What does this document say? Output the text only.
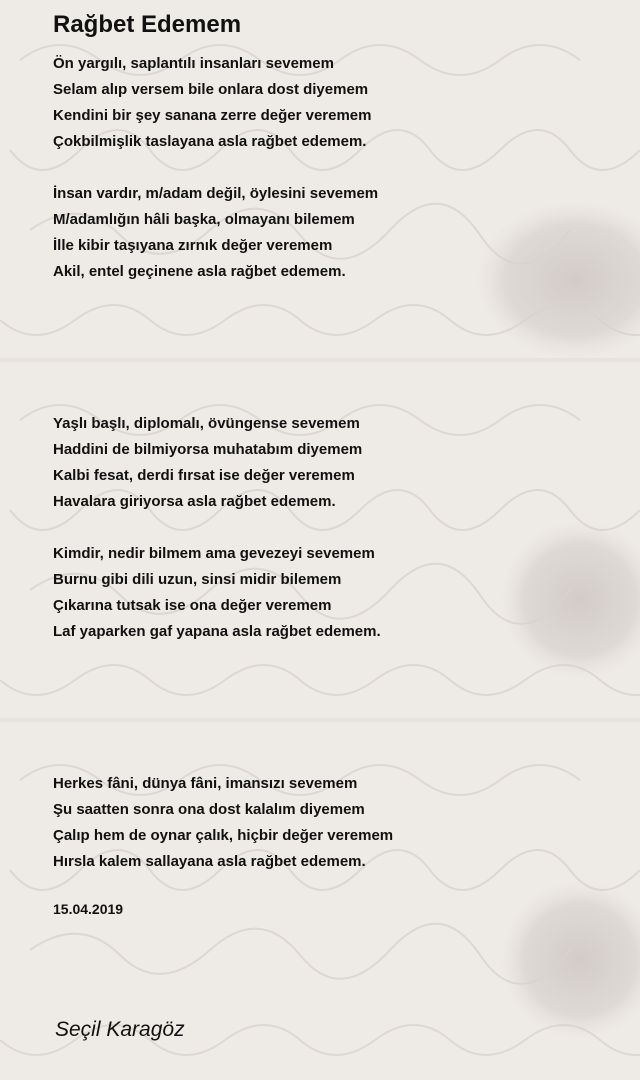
Rağbet Edemem
Ön yargılı, saplantılı insanları sevemem
Selam alıp versem bile onlara dost diyemem
Kendini bir şey sanana zerre değer veremem
Çokbilmişlik taslayana asla rağbet edemem.
İnsan vardır, m/adam değil, öylesini sevemem
M/adamlığın hâli başka, olmayanı bilemem
İlle kibir taşıyana zırnık değer veremem
Akil, entel geçinene asla rağbet edemem.
Yaşlı başlı, diplomalı, övüngense sevemem
Haddini de bilmiyorsa muhatabım diyemem
Kalbi fesat, derdi fırsat ise değer veremem
Havalara giriyorsa asla rağbet edemem.
Kimdir, nedir bilmem ama gevezeyi sevemem
Burnu gibi dili uzun, sinsi midir bilemem
Çıkarına tutsak ise ona değer veremem
Laf yaparken gaf yapana asla rağbet edemem.
Herkes fâni, dünya fâni, imansızı sevemem
Şu saatten sonra ona dost kalalım diyemem
Çalıp hem de oynar çalık, hiçbir değer veremem
Hırsla kalem sallayana asla rağbet edemem.
15.04.2019
Seçil Karagöz
